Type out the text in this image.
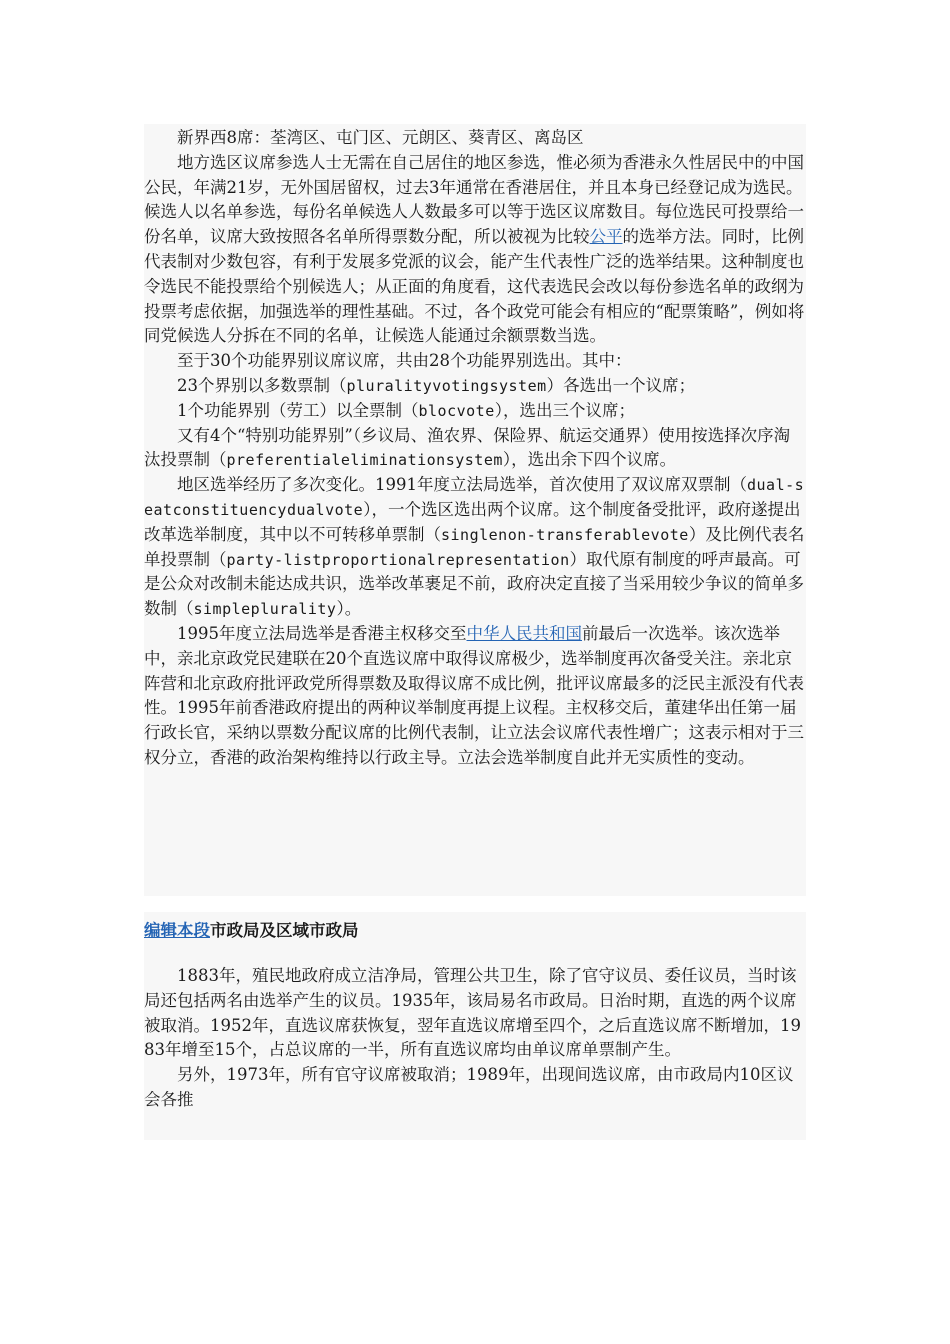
新界西8席：荃湾区、屯门区、元朗区、葵青区、离岛区

地方选区议席参选人士无需在自己居住的地区参选，惟必须为香港永久性居民中的中国公民，年满21岁，无外国居留权，过去3年通常在香港居住，并且本身已经登记成为选民。候选人以名单参选，每份名单候选人人数最多可以等于选区议席数目。每位选民可投票给一份名单，议席大致按照各名单所得票数分配，所以被视为比较公平的选举方法。同时，比例代表制对少数包容，有利于发展多党派的议会，能产生代表性广泛的选举结果。这种制度也令选民不能投票给个别候选人；从正面的角度看，这代表选民会改以每份参选名单的政纲为投票考虑依据，加强选举的理性基础。不过，各个政党可能会有相应的“配票策略”，例如将同党候选人分拆在不同的名单，让候选人能通过余额票数当选。

至于30个功能界别议席议席，共由28个功能界别选出。其中：

23个界别以多数票制（pluralityvotingsystem）各选出一个议席；

1个功能界别（劳工）以全票制（blocvote），选出三个议席；

又有4个“特别功能界别”（乡议局、渔农界、保险界、航运交通界）使用按选择次序淘汰投票制（preferentialeliminationsystem），选出余下四个议席。

地区选举经历了多次变化。1991年度立法局选举，首次使用了双议席双票制（dual-seatconstituencydualvote），一个选区选出两个议席。这个制度备受批评，政府遂提出改革选举制度，其中以不可转移单票制（singlenon-transferablevote）及比例代表名单投票制（party-listproportionalrepresentation）取代原有制度的呼声最高。可是公众对改制未能达成共识，选举改革裹足不前，政府决定直接了当采用较少争议的简单多数制（simpleplurality）。

1995年度立法局选举是香港主权移交至中华人民共和国前最后一次选举。该次选举中，亲北京政党民建联在20个直选议席中取得议席极少，选举制度再次备受关注。亲北京阵营和北京政府批评政党所得票数及取得议席不成比例，批评议席最多的泛民主派没有代表性。1995年前香港政府提出的两种议举制度再提上议程。主权移交后，董建华出任第一届行政长官，采纳以票数分配议席的比例代表制，让立法会议席代表性增广；这表示相对于三权分立，香港的政治架构维持以行政主导。立法会选举制度自此并无实质性的变动。

编辑本段市政局及区域市政局

1883年，殖民地政府成立洁净局，管理公共卫生，除了官守议员、委任议员，当时该局还包括两名由选举产生的议员。1935年，该局易名市政局。日治时期，直选的两个议席被取消。1952年，直选议席获恢复，翌年直选议席增至四个，之后直选议席不断增加，1983年增至15个，占总议席的一半，所有直选议席均由单议席单票制产生。

另外，1973年，所有官守议席被取消；1989年，出现间选议席，由市政局内10区议会各推
